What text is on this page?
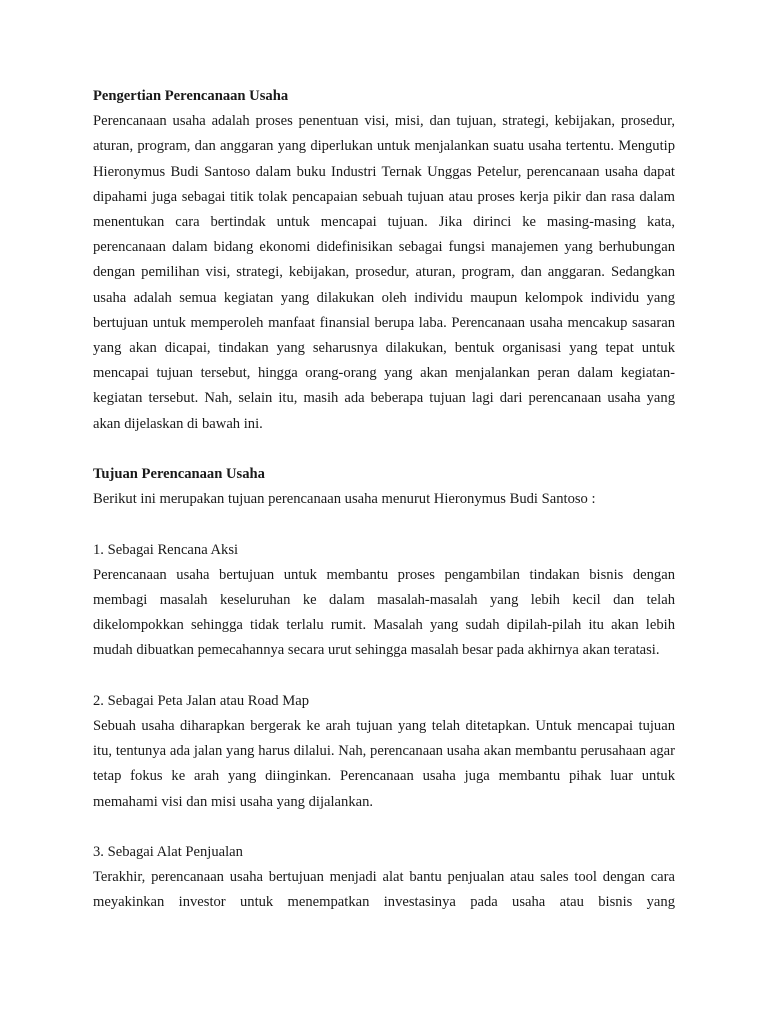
Pengertian Perencanaan Usaha

Perencanaan usaha adalah proses penentuan visi, misi, dan tujuan, strategi, kebijakan, prosedur, aturan, program, dan anggaran yang diperlukan untuk menjalankan suatu usaha tertentu. Mengutip Hieronymus Budi Santoso dalam buku Industri Ternak Unggas Petelur, perencanaan usaha dapat dipahami juga sebagai titik tolak pencapaian sebuah tujuan atau proses kerja pikir dan rasa dalam menentukan cara bertindak untuk mencapai tujuan. Jika dirinci ke masing-masing kata, perencanaan dalam bidang ekonomi didefinisikan sebagai fungsi manajemen yang berhubungan dengan pemilihan visi, strategi, kebijakan, prosedur, aturan, program, dan anggaran. Sedangkan usaha adalah semua kegiatan yang dilakukan oleh individu maupun kelompok individu yang bertujuan untuk memperoleh manfaat finansial berupa laba. Perencanaan usaha mencakup sasaran yang akan dicapai, tindakan yang seharusnya dilakukan, bentuk organisasi yang tepat untuk mencapai tujuan tersebut, hingga orang-orang yang akan menjalankan peran dalam kegiatan-kegiatan tersebut. Nah, selain itu, masih ada beberapa tujuan lagi dari perencanaan usaha yang akan dijelaskan di bawah ini.

Tujuan Perencanaan Usaha

Berikut ini merupakan tujuan perencanaan usaha menurut Hieronymus Budi Santoso :

1. Sebagai Rencana Aksi

Perencanaan usaha bertujuan untuk membantu proses pengambilan tindakan bisnis dengan membagi masalah keseluruhan ke dalam masalah-masalah yang lebih kecil dan telah dikelompokkan sehingga tidak terlalu rumit. Masalah yang sudah dipilah-pilah itu akan lebih mudah dibuatkan pemecahannya secara urut sehingga masalah besar pada akhirnya akan teratasi.

2. Sebagai Peta Jalan atau Road Map

Sebuah usaha diharapkan bergerak ke arah tujuan yang telah ditetapkan. Untuk mencapai tujuan itu, tentunya ada jalan yang harus dilalui. Nah, perencanaan usaha akan membantu perusahaan agar tetap fokus ke arah yang diinginkan. Perencanaan usaha juga membantu pihak luar untuk memahami visi dan misi usaha yang dijalankan.

3. Sebagai Alat Penjualan

Terakhir, perencanaan usaha bertujuan menjadi alat bantu penjualan atau sales tool dengan cara meyakinkan investor untuk menempatkan investasinya pada usaha atau bisnis yang
